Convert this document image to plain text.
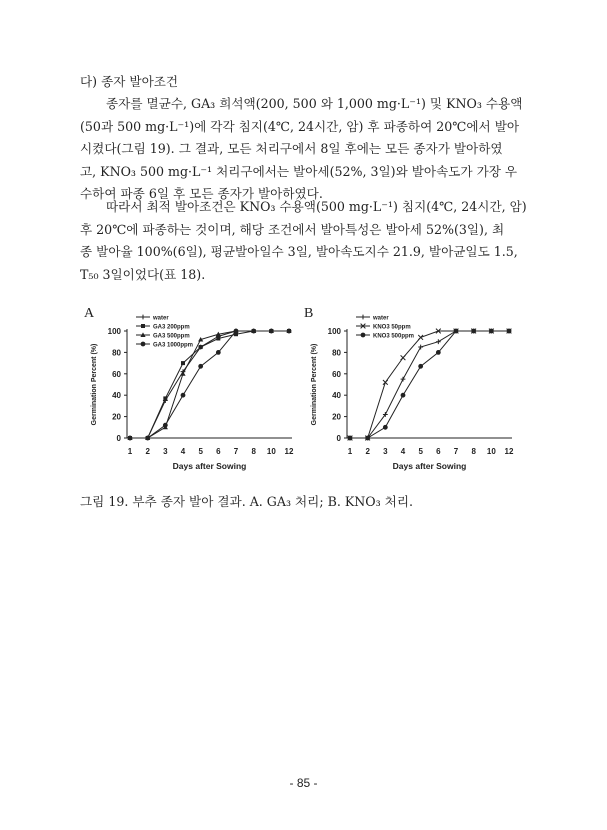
다) 종자 발아조건
종자를 멸균수, GA₃ 희석액(200, 500 와 1,000 mg·L⁻¹) 및 KNO₃ 수용액
(50과 500 mg·L⁻¹)에 각각 침지(4℃, 24시간, 암) 후 파종하여 20℃에서 발아
시켰다(그림 19). 그 결과, 모든 처리구에서 8일 후에는 모든 종자가 발아하였
고, KNO₃ 500 mg·L⁻¹ 처리구에서는 발아세(52%, 3일)와 발아속도가 가장 우
수하여 파종 6일 후 모든 종자가 발아하였다.
따라서 최적 발아조건은 KNO₃ 수용액(500 mg·L⁻¹) 침지(4℃, 24시간, 암)
후 20℃에 파종하는 것이며, 해당 조건에서 발아특성은 발아세 52%(3일), 최
종 발아율 100%(6일), 평균발아일수 3일, 발아속도지수 21.9, 발아균일도 1.5,
T₅₀ 3일이었다(표 18).
A
0
20
40
60
80
100
1 2 3 4 5 6 7 8 10 12
Days after Sowing
Germination Percent (%)
water
GA3 200ppm
GA3 500ppm
GA3 1000ppm
B
0
20
40
60
80
100
1 2 3 4 5 6 7 8 10 12
Days after Sowing
Germination Percent (%)
water
KNO3 50ppm
KNO3 500ppm
그림 19. 부추 종자 발아 결과. A. GA₃ 처리; B. KNO₃ 처리.
- 85 -
